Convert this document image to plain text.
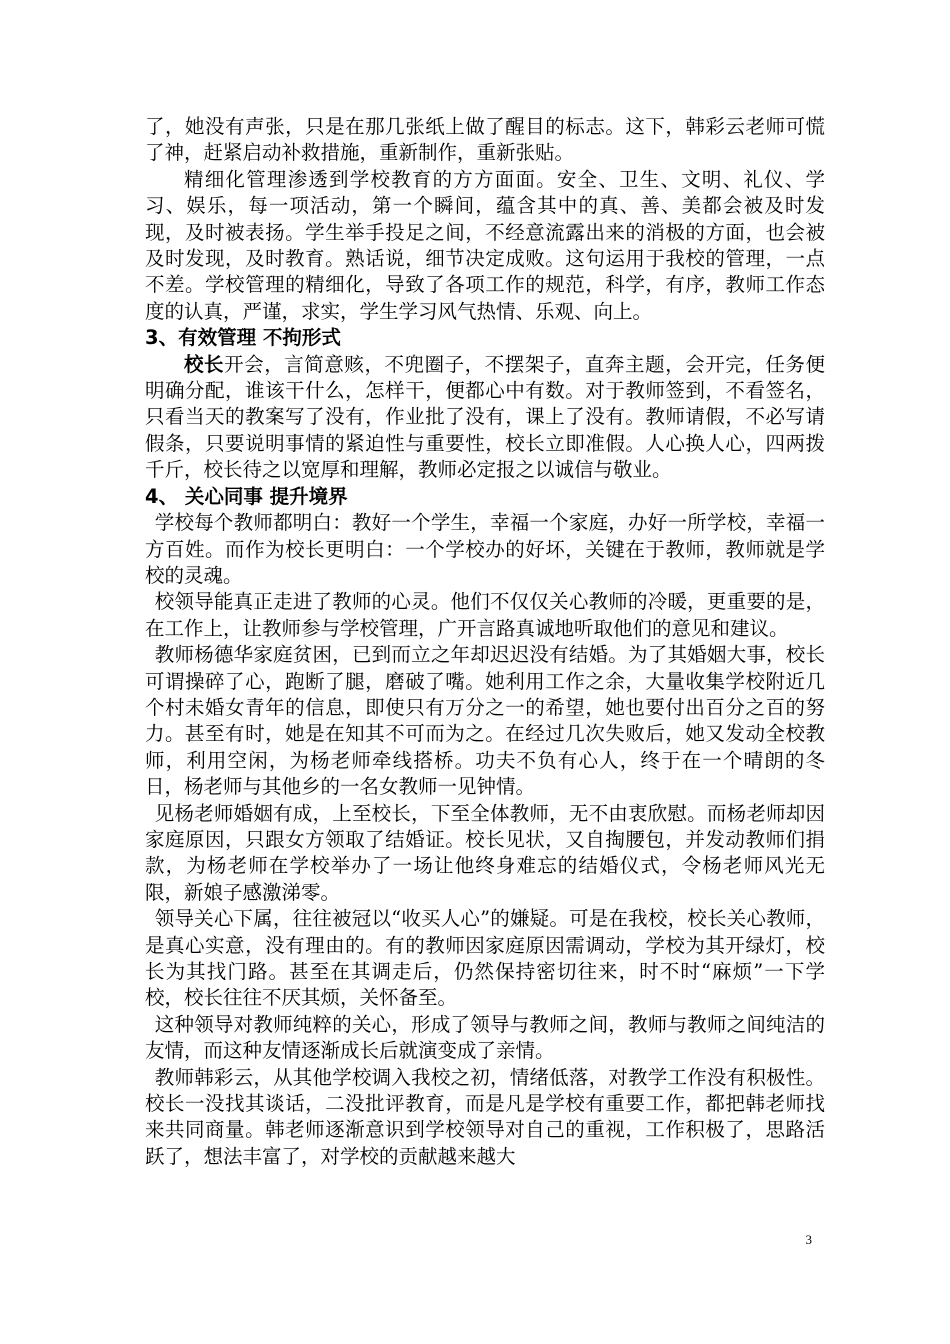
了，她没有声张，只是在那几张纸上做了醒目的标志。这下，韩彩云老师可慌了神，赶紧启动补救措施，重新制作，重新张贴。

精细化管理渗透到学校教育的方方面面。安全、卫生、文明、礼仪、学习、娱乐，每一项活动，第一个瞬间，蕴含其中的真、善、美都会被及时发现，及时被表扬。学生举手投足之间，不经意流露出来的消极的方面，也会被及时发现，及时教育。熟话说，细节决定成败。这句运用于我校的管理，一点不差。学校管理的精细化，导致了各项工作的规范，科学，有序，教师工作态度的认真，严谨，求实，学生学习风气热情、乐观、向上。

3、有效管理 不拘形式

校长开会，言简意赅，不兜圈子，不摆架子，直奔主题，会开完，任务便明确分配，谁该干什么，怎样干，便都心中有数。对于教师签到，不看签名，只看当天的教案写了没有，作业批了没有，课上了没有。教师请假，不必写请假条，只要说明事情的紧迫性与重要性，校长立即准假。人心换人心，四两拨千斤，校长待之以宽厚和理解，教师必定报之以诚信与敬业。

4、 关心同事 提升境界

学校每个教师都明白：教好一个学生，幸福一个家庭，办好一所学校，幸福一方百姓。而作为校长更明白：一个学校办的好坏，关键在于教师，教师就是学校的灵魂。

校领导能真正走进了教师的心灵。他们不仅仅关心教师的冷暖，更重要的是，在工作上，让教师参与学校管理，广开言路真诚地听取他们的意见和建议。

教师杨德华家庭贫困，已到而立之年却迟迟没有结婚。为了其婚姻大事，校长可谓操碎了心，跑断了腿，磨破了嘴。她利用工作之余，大量收集学校附近几个村未婚女青年的信息，即使只有万分之一的希望，她也要付出百分之百的努力。甚至有时，她是在知其不可而为之。在经过几次失败后，她又发动全校教师，利用空闲，为杨老师牵线搭桥。功夫不负有心人，终于在一个晴朗的冬日，杨老师与其他乡的一名女教师一见钟情。

见杨老师婚姻有成，上至校长，下至全体教师，无不由衷欣慰。而杨老师却因家庭原因，只跟女方领取了结婚证。校长见状，又自掏腰包，并发动教师们捐款，为杨老师在学校举办了一场让他终身难忘的结婚仪式，令杨老师风光无限，新娘子感激涕零。

领导关心下属，往往被冠以“收买人心”的嫌疑。可是在我校，校长关心教师，是真心实意，没有理由的。有的教师因家庭原因需调动，学校为其开绿灯，校长为其找门路。甚至在其调走后，仍然保持密切往来，时不时“麻烦”一下学校，校长往往不厌其烦，关怀备至。

这种领导对教师纯粹的关心，形成了领导与教师之间，教师与教师之间纯洁的友情，而这种友情逐渐成长后就演变成了亲情。

教师韩彩云，从其他学校调入我校之初，情绪低落，对教学工作没有积极性。校长一没找其谈话，二没批评教育，而是凡是学校有重要工作，都把韩老师找来共同商量。韩老师逐渐意识到学校领导对自己的重视，工作积极了，思路活跃了，想法丰富了，对学校的贡献越来越大

3
